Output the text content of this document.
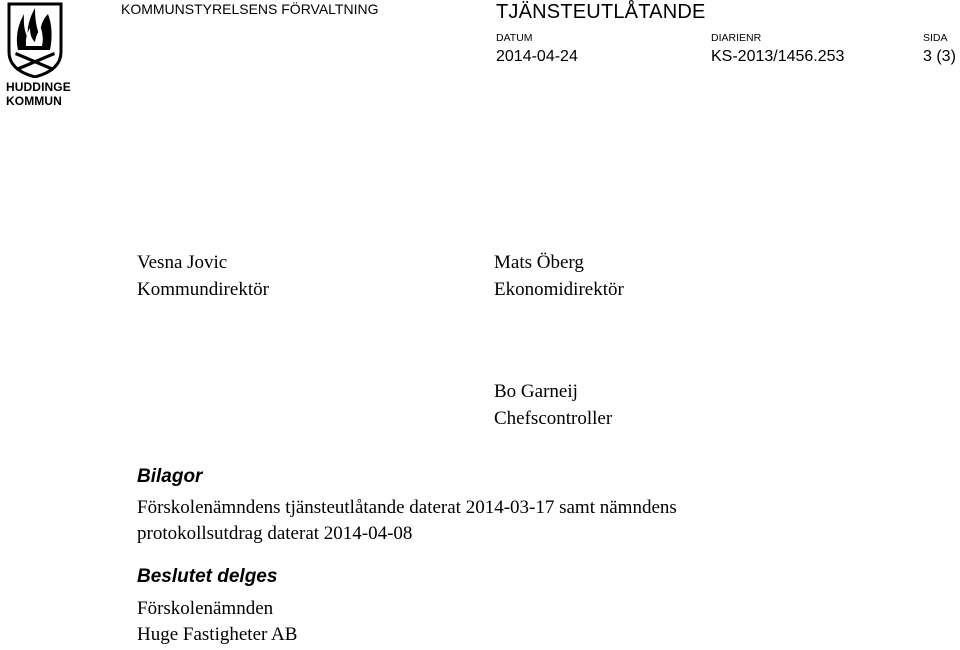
HUDDINGE
KOMMUN
KOMMUNSTYRELSENS FÖRVALTNING	TJÄNSTEUTLÅTANDE
DATUM
2014-04-24
DIARIENR
KS-2013/1456.253
SIDA
3 (3)
Vesna Jovic
Kommundirektör
Mats Öberg
Ekonomidirektör
Bo Garneij
Chefscontroller
Bilagor
Förskolenämndens tjänsteutlåtande daterat 2014-03-17 samt nämndens
protokollsutdrag daterat 2014-04-08
Beslutet delges
Förskolenämnden
Huge Fastigheter AB
